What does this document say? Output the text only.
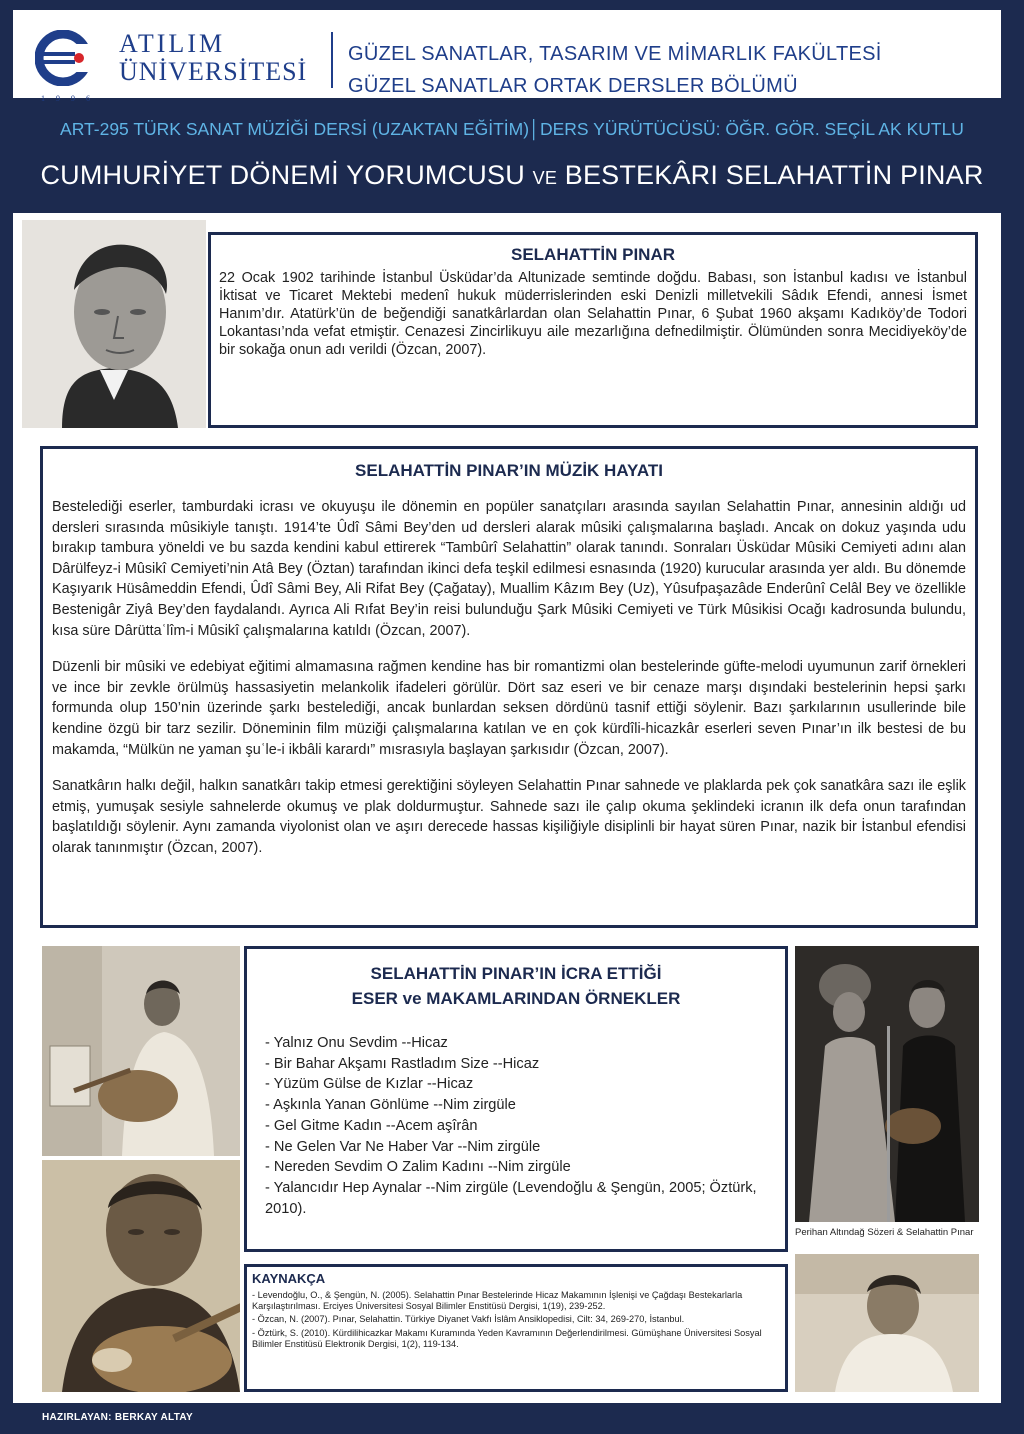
ATILIM
ÜNİVERSİTESİ
1996
GÜZEL SANATLAR, TASARIM VE MİMARLIK FAKÜLTESİ
GÜZEL SANATLAR ORTAK DERSLER BÖLÜMÜ
ART-295 TÜRK SANAT MÜZİĞİ DERSİ (UZAKTAN EĞİTİM)│DERS YÜRÜTÜCÜSÜ: ÖĞR. GÖR. SEÇİL AK KUTLU
CUMHURİYET DÖNEMİ YORUMCUSU VE BESTEKÂRI SELAHATTİN PINAR
SELAHATTİN PINAR

22 Ocak 1902 tarihinde İstanbul Üsküdar’da Altunizade semtinde doğdu. Babası, son İstanbul kadısı ve İstanbul İktisat ve Ticaret Mektebi medenî hukuk müderrislerinden eski Denizli milletvekili Sâdık Efendi, annesi İsmet Hanım’dır. Atatürk’ün de beğendiği sanatkârlardan olan Selahattin Pınar, 6 Şubat 1960 akşamı Kadıköy’de Todori Lokantası’nda vefat etmiştir. Cenazesi Zincirlikuyu aile mezarlığına defnedilmiştir. Ölümünden sonra Mecidiyeköy’de bir sokağa onun adı verildi (Özcan, 2007).

SELAHATTİN PINAR’IN MÜZİK HAYATI

Bestelediği eserler, tamburdaki icrası ve okuyuşu ile dönemin en popüler sanatçıları arasında sayılan Selahattin Pınar, annesinin aldığı ud dersleri sırasında mûsikiyle tanıştı. 1914’te Ûdî Sâmi Bey’den ud dersleri alarak mûsiki çalışmalarına başladı. Ancak on dokuz yaşında udu bırakıp tambura yöneldi ve bu sazda kendini kabul ettirerek “Tambûrî Selahattin” olarak tanındı. Sonraları Üsküdar Mûsiki Cemiyeti adını alan Dârülfeyz-i Mûsikî Cemiyeti’nin Atâ Bey (Öztan) tarafından ikinci defa teşkil edilmesi esnasında (1920) kurucular arasında yer aldı. Bu dönemde Kaşıyarık Hüsâmeddin Efendi, Ûdî Sâmi Bey, Ali Rifat Bey (Çağatay), Muallim Kâzım Bey (Uz), Yûsufpaşazâde Enderûnî Celâl Bey ve özellikle Bestenigâr Ziyâ Bey’den faydalandı. Ayrıca Ali Rıfat Bey’in reisi bulunduğu Şark Mûsiki Cemiyeti ve Türk Mûsikisi Ocağı kadrosunda bulundu, kısa süre Dârüttaʿlîm-i Mûsikî çalışmalarına katıldı (Özcan, 2007).

Düzenli bir mûsiki ve edebiyat eğitimi almamasına rağmen kendine has bir romantizmi olan bestelerinde güfte-melodi uyumunun zarif örnekleri ve ince bir zevkle örülmüş hassasiyetin melankolik ifadeleri görülür. Dört saz eseri ve bir cenaze marşı dışındaki bestelerinin hepsi şarkı formunda olup 150’nin üzerinde şarkı bestelediği, ancak bunlardan seksen dördünü tasnif ettiği söylenir. Bazı şarkılarının usullerinde bile kendine özgü bir tarz sezilir. Döneminin film müziği çalışmalarına katılan ve en çok kürdîli-hicazkâr eserleri seven Pınar’ın ilk bestesi de bu makamda, “Mülkün ne yaman şuʿle-i ikbâli karardı” mısrasıyla başlayan şarkısıdır (Özcan, 2007).

Sanatkârın halkı değil, halkın sanatkârı takip etmesi gerektiğini söyleyen Selahattin Pınar sahnede ve plaklarda pek çok sanatkâra sazı ile eşlik etmiş, yumuşak sesiyle sahnelerde okumuş ve plak doldurmuştur. Sahnede sazı ile çalıp okuma şeklindeki icranın ilk defa onun tarafından başlatıldığı söylenir. Aynı zamanda viyolonist olan ve aşırı derecede hassas kişiliğiyle disiplinli bir hayat süren Pınar, nazik bir İstanbul efendisi olarak tanınmıştır (Özcan, 2007).

SELAHATTİN PINAR’IN İCRA ETTİĞİ
ESER ve MAKAMLARINDAN ÖRNEKLER
- Yalnız Onu Sevdim --Hicaz
- Bir Bahar Akşamı Rastladım Size --Hicaz
- Yüzüm Gülse de Kızlar --Hicaz
- Aşkınla Yanan Gönlüme --Nim zirgüle
- Gel Gitme Kadın --Acem aşîrân
- Ne Gelen Var Ne Haber Var --Nim zirgüle
- Nereden Sevdim O Zalim Kadını --Nim zirgüle
- Yalancıdır Hep Aynalar --Nim zirgüle (Levendoğlu & Şengün, 2005; Öztürk, 2010).
KAYNAKÇA

- Levendoğlu, O., & Şengün, N. (2005). Selahattin Pınar Bestelerinde Hicaz Makamının İşlenişi ve Çağdaşı Bestekarlarla Karşılaştırılması. Erciyes Üniversitesi Sosyal Bilimler Enstitüsü Dergisi, 1(19), 239-252.

- Özcan, N. (2007). Pınar, Selahattin. Türkiye Diyanet Vakfı İslâm Ansiklopedisi, Cilt: 34, 269-270, İstanbul.

- Öztürk, S. (2010). Kürdilihicazkar Makamı Kuramında Yeden Kavramının Değerlendirilmesi. Gümüşhane Üniversitesi Sosyal Bilimler Enstitüsü Elektronik Dergisi, 1(2), 119-134.

Perihan Altındağ Sözeri & Selahattin Pınar
HAZIRLAYAN: BERKAY ALTAY
